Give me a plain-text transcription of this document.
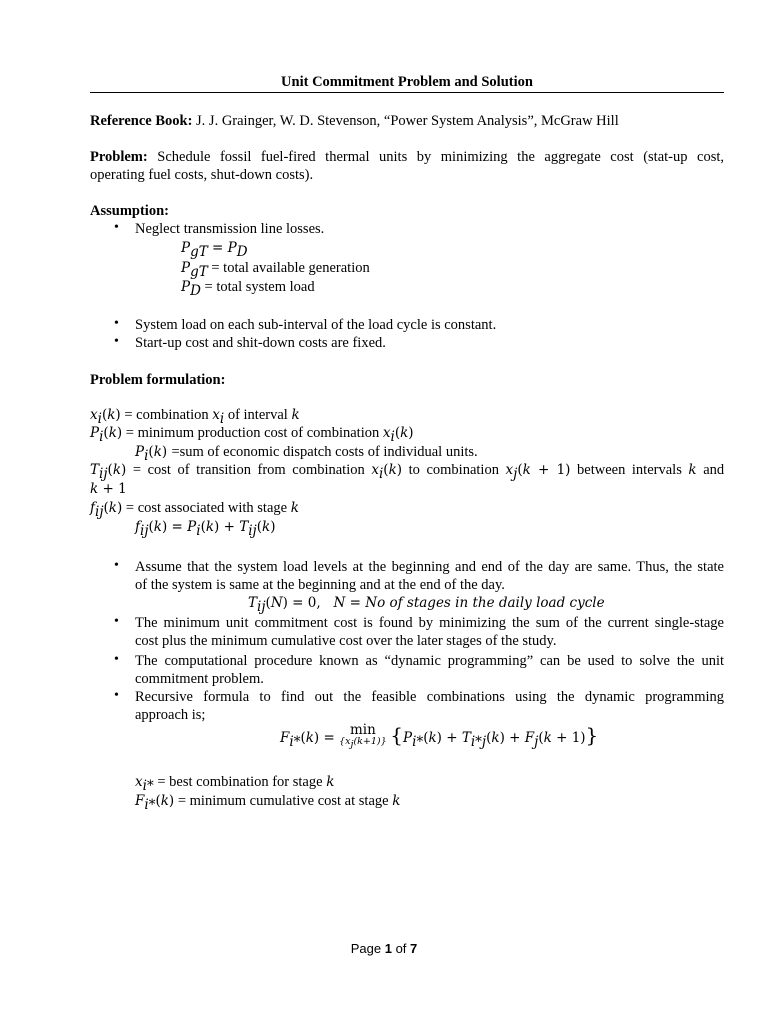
Unit Commitment Problem and Solution
Reference Book: J. J. Grainger, W. D. Stevenson, “Power System Analysis”, McGraw Hill
Problem: Schedule fossil fuel-fired thermal units by minimizing the aggregate cost (stat-up cost,
operating fuel costs, shut-down costs).
Assumption:
• Neglect transmission line losses.
$P_{gT} = P_D$
$P_{gT}$ = total available generation
$P_D$ = total system load
• System load on each sub-interval of the load cycle is constant.
• Start-up cost and shit-down costs are fixed.
Problem formulation:
$x_i(k)$ = combination $x_i$ of interval k
$P_i(k)$ = minimum production cost of combination $x_i(k)$
$P_i(k) =sum$ of economic dispatch costs of individual units.
$T_{ij}(k) = \cos t$ of transition from combination $x_i(k)$ to combination $x_j(k + 1)$ between intervals k and
k + 1
$f_{ij}(k) = \cos t$ associated with stage k
$f_{ij}(k) = P_i(k) + T_{ij}(k)$
• Assume that the system load levels at the beginning and end of the day are same. Thus, the state
of the system is same at the beginning and at the end of the day.
$T_{ij}(N) = 0$,   N = No of stages in the daily load cycle
• The minimum unit commitment cost is found by minimizing the sum of the current single-stage
cost plus the minimum cumulative cost over the later stages of the study.
• The computational procedure known as “dynamic programming” can be used to solve the unit
commitment problem.
• Recursive formula to find out the feasible combinations using the dynamic programming
approach is;
$F_{i*}(k) = \min$
$\{x_j(k+1)\} \{P_{i*}(k) + T_{i*j}(k) + F_j(k + 1)\}$
$x_{i*}$ = best combination for stage k
$F_{i*}(k)$ = minimum cumulative cost at stage k
Page 1 of 7
